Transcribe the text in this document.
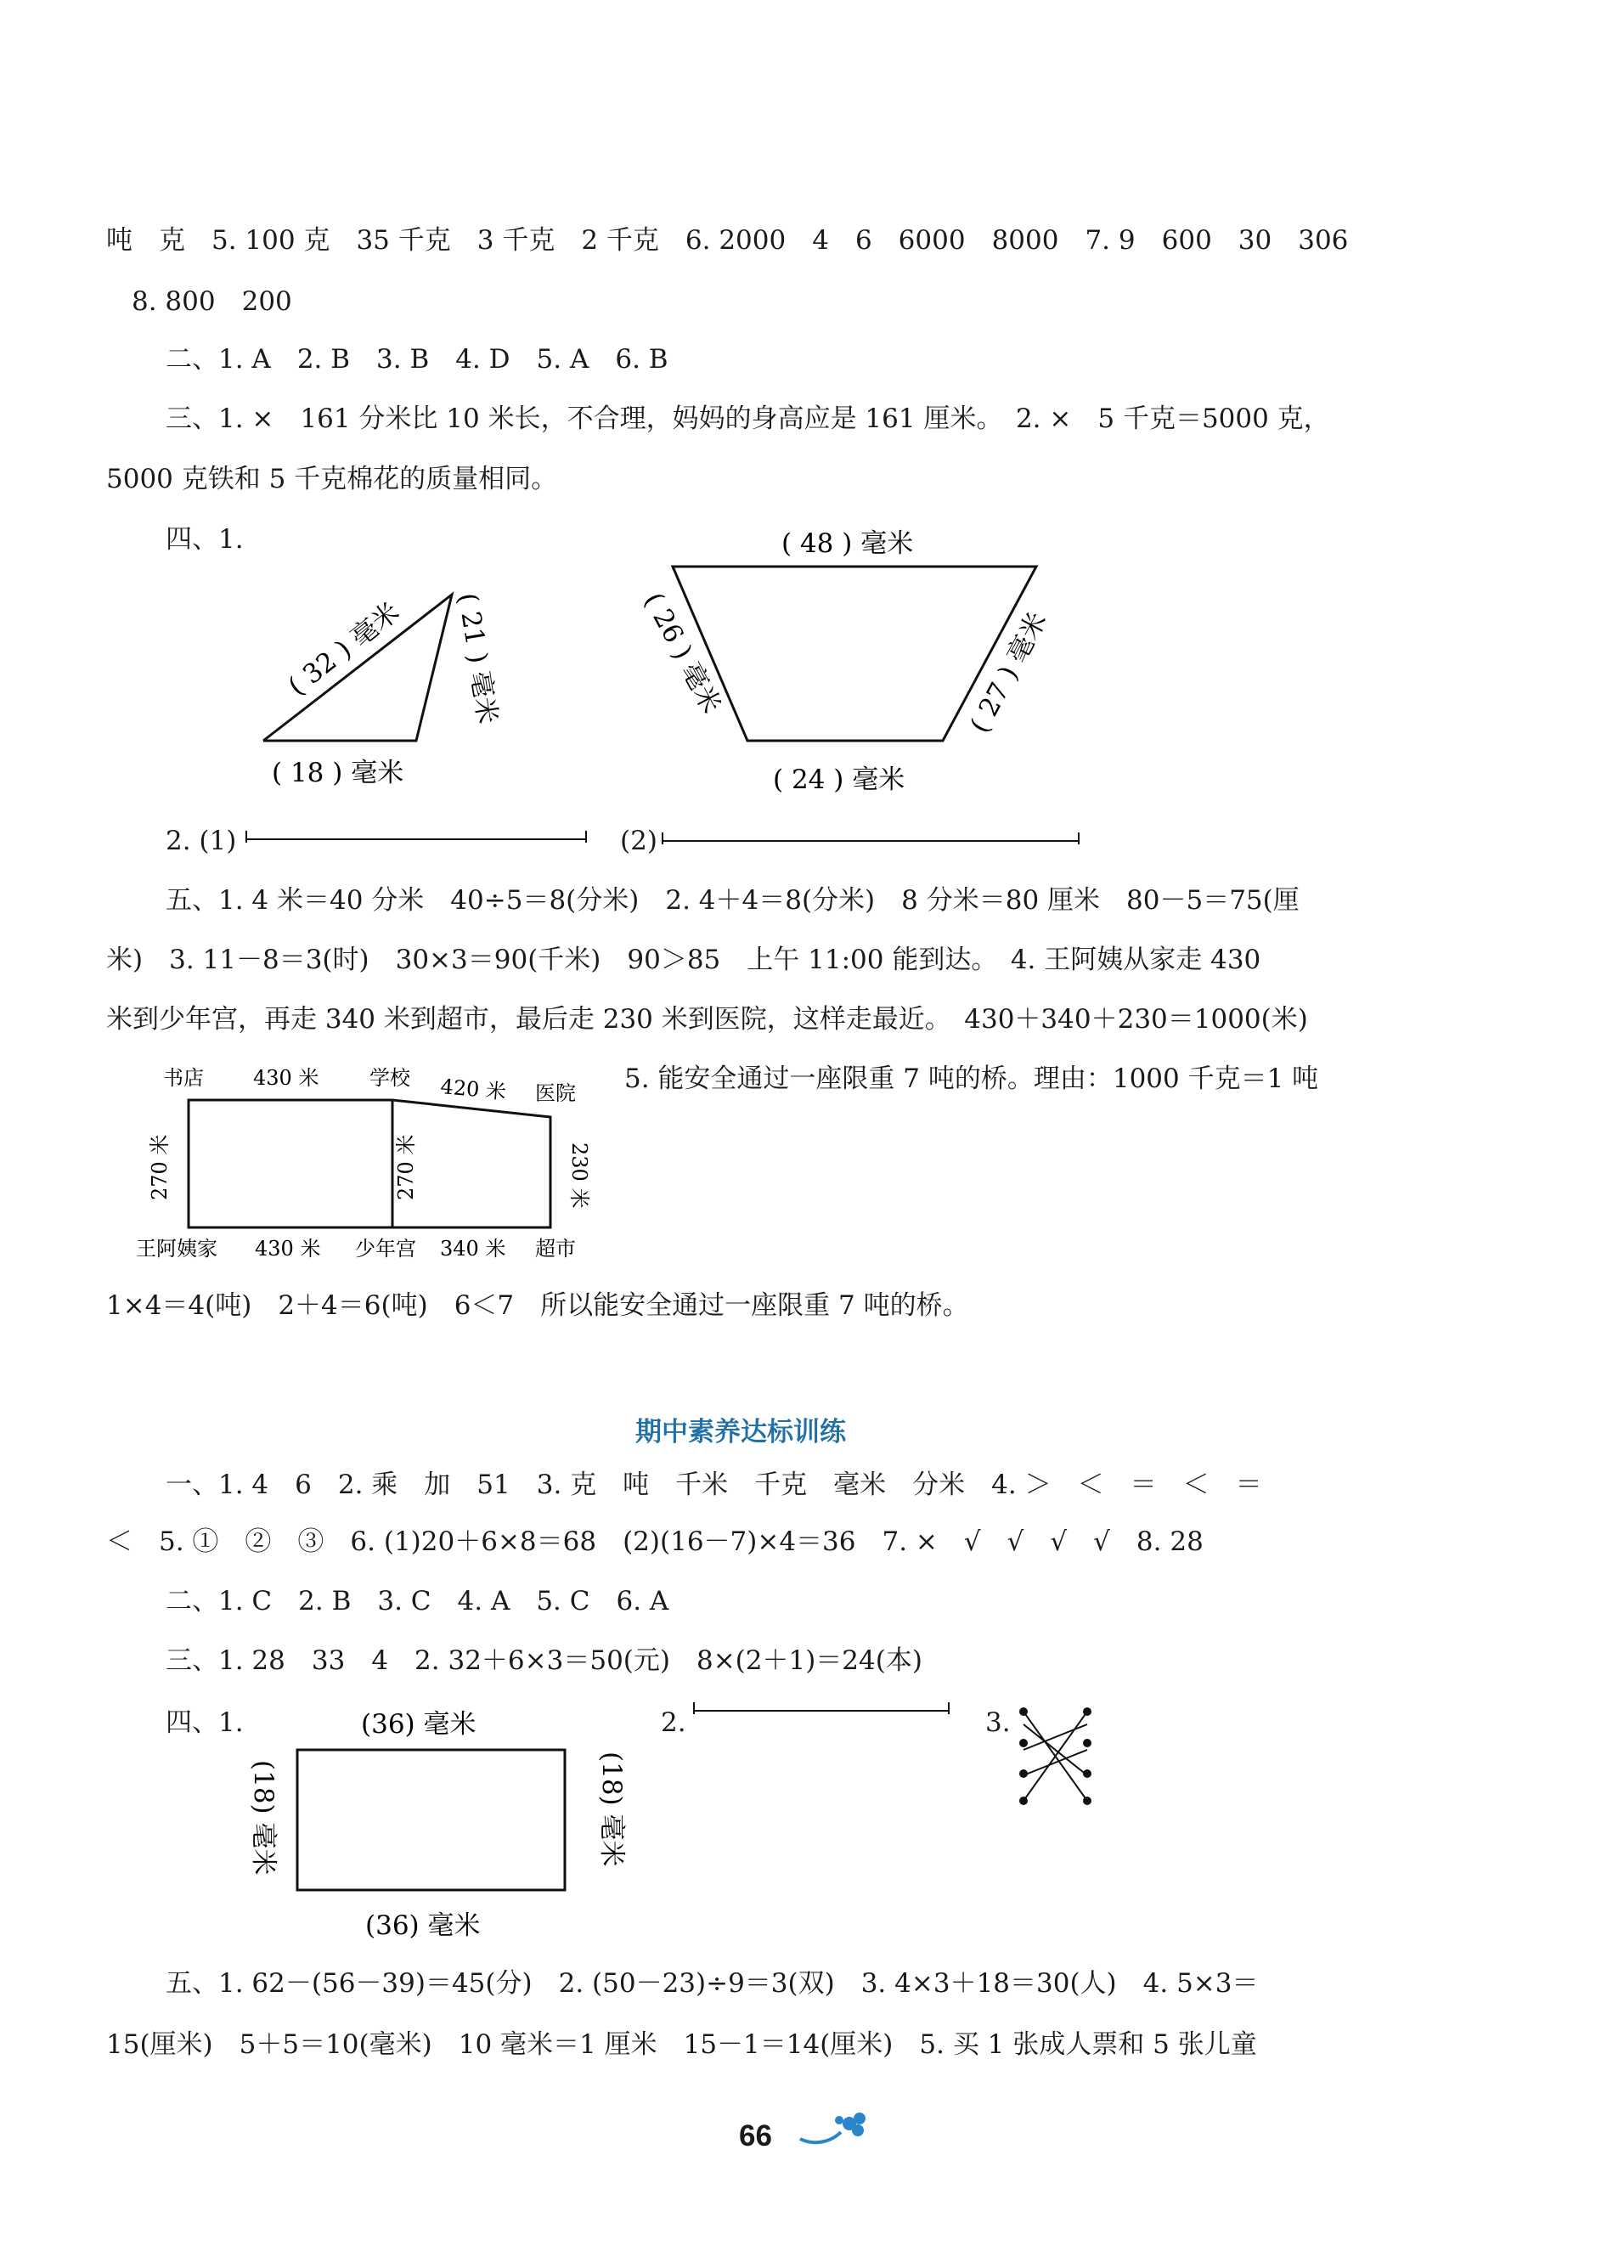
吨　克　5. 100 克　35 千克　3 千克　2 千克　6. 2000　4　6　6000　8000　7. 9　600　30　306
8. 800　200
二、1. A　2. B　3. B　4. D　5. A　6. B
三、1. ×　161 分米比 10 米长，不合理，妈妈的身高应是 161 厘米。　2. ×　5 千克＝5000 克，
5000 克铁和 5 千克棉花的质量相同。
四、1.
( 18 ) 毫米
( 32 ) 毫米 ( 21 ) 毫米
( 48 ) 毫米
( 26 ) 毫米	( 27 ) 毫米
( 24 ) 毫米
2. (1)	(2)
五、1. 4 米＝40 分米　40÷5＝8(分米)　2. 4＋4＝8(分米)　8 分米＝80 厘米　80－5＝75(厘
米)　3. 11－8＝3(时)　30×3＝90(千米)　90＞85　上午 11:00 能到达。　4. 王阿姨从家走 430
米到少年宫，再走 340 米到超市，最后走 230 米到医院，这样走最近。　430＋340＋230＝1000(米)
书店 430 米 学校 420 米 医院
王阿姨家 430 米 少年宫 340 米 超市
270 米	270 米	230 米
5. 能安全通过一座限重 7 吨的桥。理由：1000 千克＝1 吨
1×4＝4(吨)　2＋4＝6(吨)　6＜7　所以能安全通过一座限重 7 吨的桥。
期中素养达标训练
一、1. 4　6　2. 乘　加　51　3. 克　吨　千米　千克　毫米　分米　4. ＞　＜　＝　＜　＝
＜　5. ①　②　③　6. (1)20＋6×8＝68　(2)(16－7)×4＝36　7. ×　√　√　√　√　8. 28
二、1. C　2. B　3. C　4. A　5. C　6. A
三、1. 28　33　4　2. 32＋6×3＝50(元)　8×(2＋1)＝24(本)
四、1.	(36) 毫米
(36) 毫米
(18) 毫米	(18) 毫米
2.	3.
五、1. 62－(56－39)＝45(分)　2. (50－23)÷9＝3(双)　3. 4×3＋18＝30(人)　4. 5×3＝
15(厘米)　5＋5＝10(毫米)　10 毫米＝1 厘米　15－1＝14(厘米)　5. 买 1 张成人票和 5 张儿童
66
